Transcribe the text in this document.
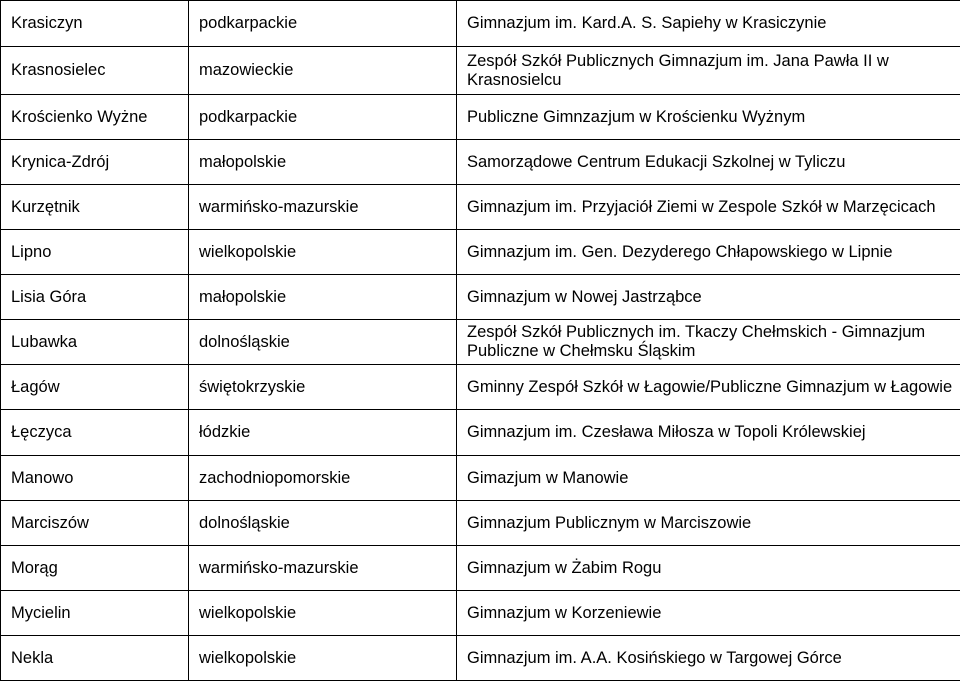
Krasiczyn	podkarpackie	Gimnazjum im. Kard.A. S. Sapiehy w Krasiczynie
Krasnosielec	mazowieckie	Zespół Szkół Publicznych Gimnazjum im. Jana Pawła II w Krasnosielcu
Krościenko Wyżne	podkarpackie	Publiczne Gimnzazjum w Krościenku Wyżnym
Krynica-Zdrój	małopolskie	Samorządowe Centrum Edukacji Szkolnej w Tyliczu
Kurzętnik	warmińsko-mazurskie	Gimnazjum im. Przyjaciół Ziemi w Zespole Szkół w Marzęcicach
Lipno	wielkopolskie	Gimnazjum im. Gen. Dezyderego Chłapowskiego w Lipnie
Lisia Góra	małopolskie	Gimnazjum w Nowej Jastrząbce
Lubawka	dolnośląskie	Zespół Szkół Publicznych im. Tkaczy Chełmskich - Gimnazjum Publiczne w Chełmsku Śląskim
Łagów	świętokrzyskie	Gminny Zespół Szkół w Łagowie/Publiczne Gimnazjum w Łagowie
Łęczyca	łódzkie	Gimnazjum im. Czesława Miłosza w Topoli Królewskiej
Manowo	zachodniopomorskie	Gimazjum w Manowie
Marciszów	dolnośląskie	Gimnazjum Publicznym w Marciszowie
Morąg	warmińsko-mazurskie	Gimnazjum w Żabim Rogu
Mycielin	wielkopolskie	Gimnazjum w Korzeniewie
Nekla	wielkopolskie	Gimnazjum im. A.A. Kosińskiego w Targowej Górce
